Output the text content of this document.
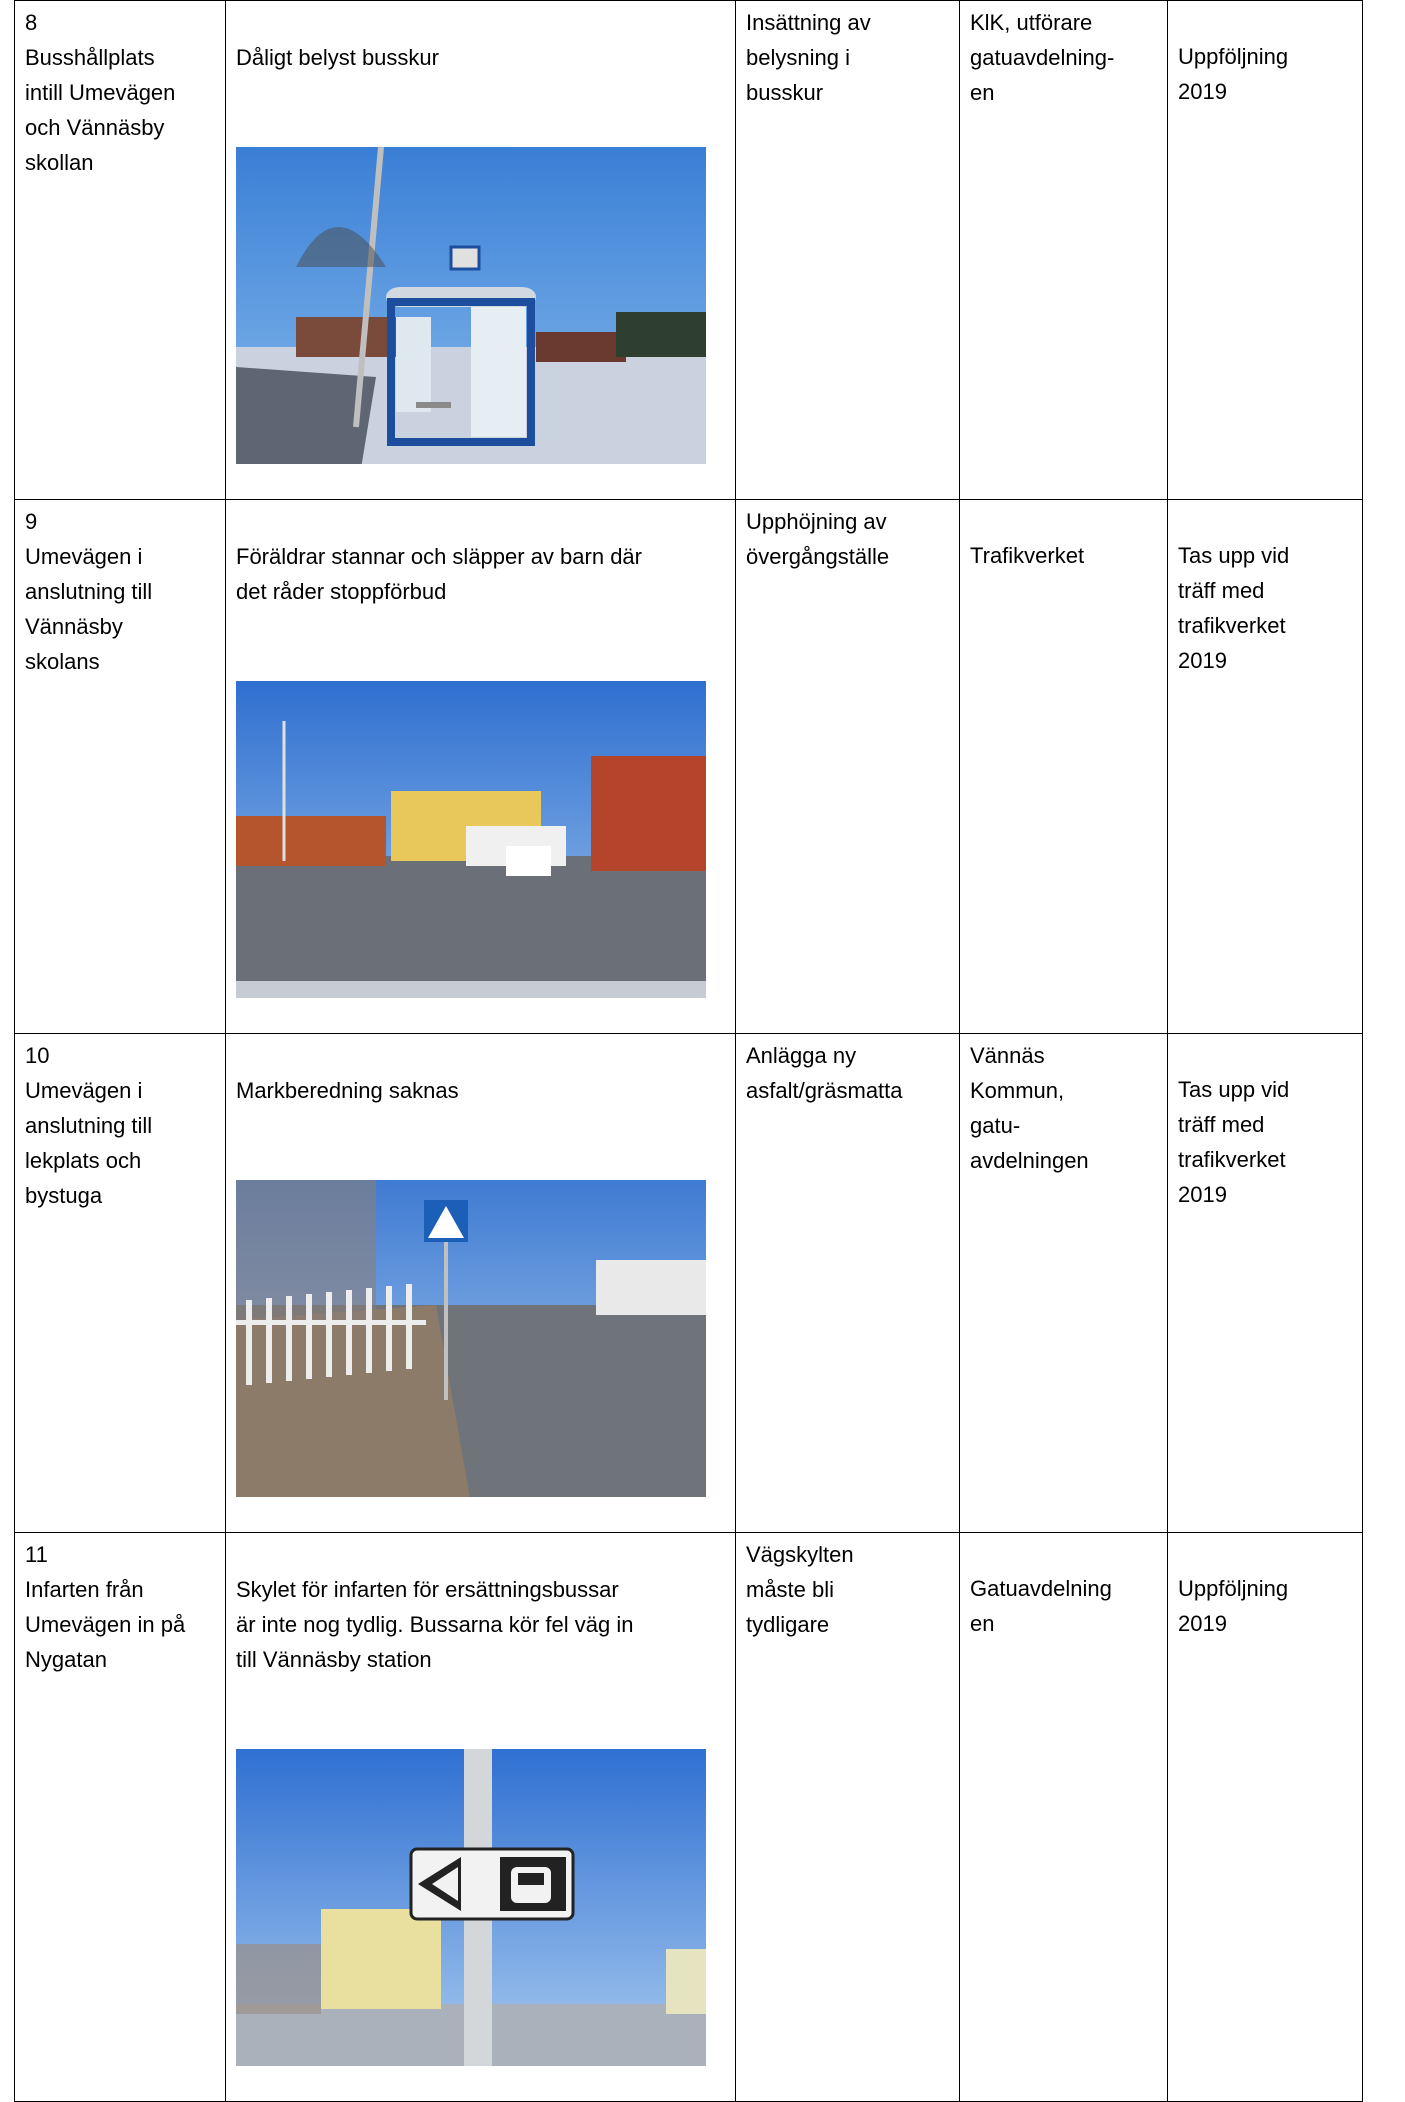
8
Busshållplats
intill Umevägen
och Vännäsby
skollan	Dåligt belyst busskur	Insättning av
belysning i
busskur	KlK, utförare
gatuavdelning-
en	Uppföljning
2019

9
Umevägen i
anslutning till
Vännäsby
skolans	Föräldrar stannar och släpper av barn där
det råder stoppförbud	Upphöjning av
övergångställe	Trafikverket	Tas upp vid
träff med
trafikverket
2019

10
Umevägen i
anslutning till
lekplats och
bystuga	Markberedning saknas	Anlägga ny
asfalt/gräsmatta	Vännäs
Kommun,
gatu-
avdelningen	Tas upp vid
träff med
trafikverket
2019

11
Infarten från
Umevägen in på
Nygatan	Skylet för infarten för ersättningsbussar
är inte nog tydlig. Bussarna kör fel väg in
till Vännäsby station	Vägskylten
måste bli
tydligare	Gatuavdelning
en	Uppföljning
2019
